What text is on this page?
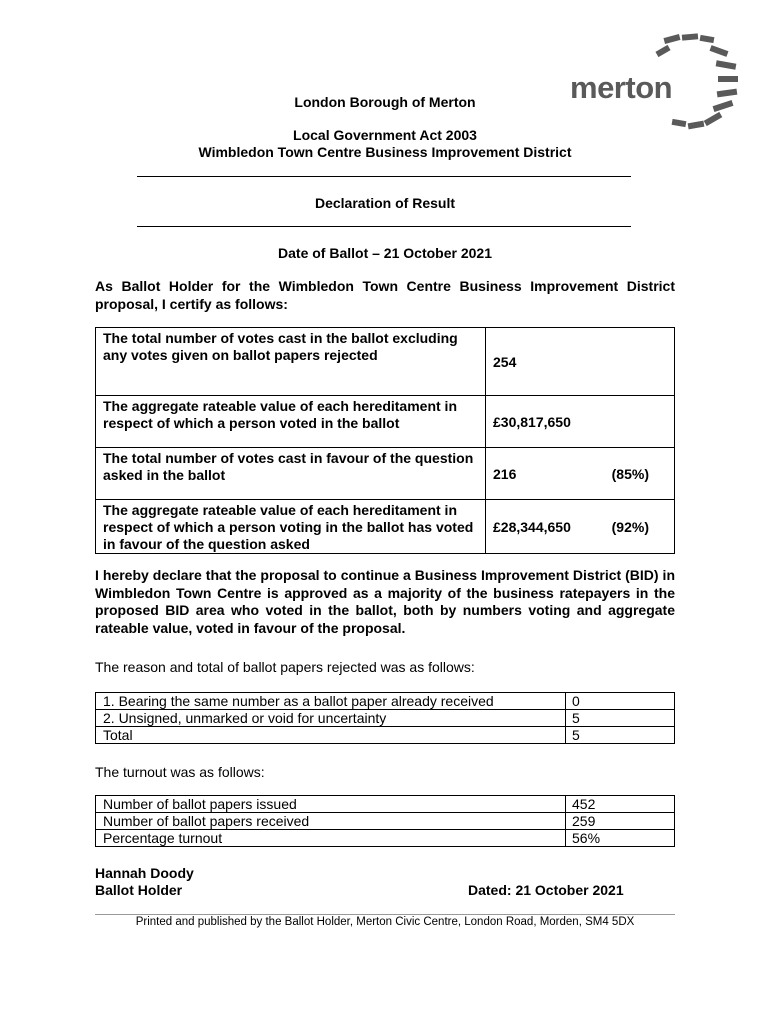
merton
London Borough of Merton
Local Government Act 2003
Wimbledon Town Centre Business Improvement District
Declaration of Result
Date of Ballot – 21 October 2021
As Ballot Holder for the Wimbledon Town Centre Business Improvement District proposal, I certify as follows:
The total number of votes cast in the ballot excluding any votes given on ballot papers rejected	254

The aggregate rateable value of each hereditament in respect of which a person voted in the ballot	£30,817,650

The total number of votes cast in favour of the question asked in the ballot	216 (85%)

The aggregate rateable value of each hereditament in respect of which a person voting in the ballot has voted in favour of the question asked	£28,344,650 (92%)
I hereby declare that the proposal to continue a Business Improvement District (BID) in Wimbledon Town Centre is approved as a majority of the business ratepayers in the proposed BID area who voted in the ballot, both by numbers voting and aggregate rateable value, voted in favour of the proposal.
The reason and total of ballot papers rejected was as follows:
1. Bearing the same number as a ballot paper already received	0
2. Unsigned, unmarked or void for uncertainty	5
Total	5
The turnout was as follows:
Number of ballot papers issued	452
Number of ballot papers received	259
Percentage turnout	56%
Hannah Doody
Ballot Holder	Dated: 21 October 2021
Printed and published by the Ballot Holder, Merton Civic Centre, London Road, Morden, SM4 5DX
